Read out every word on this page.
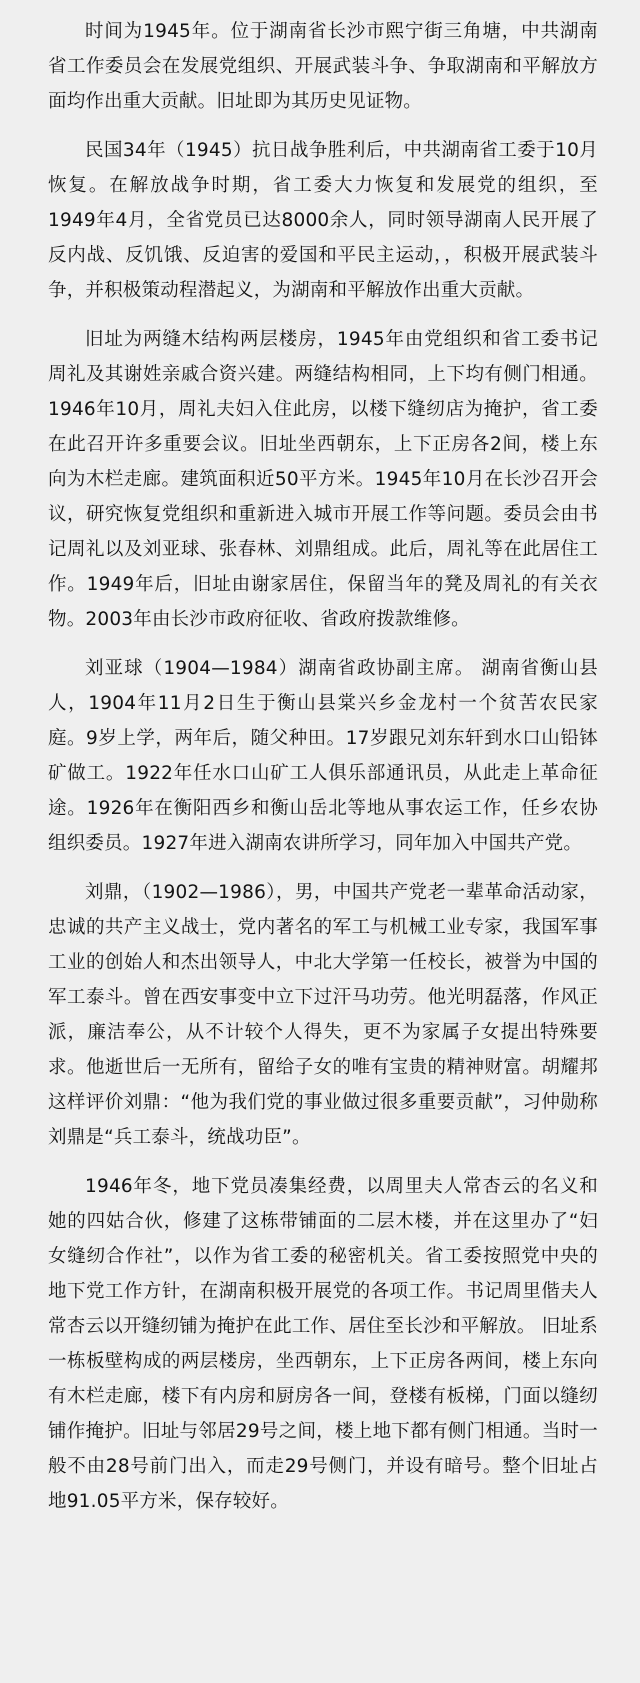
时间为1945年。位于湖南省长沙市熙宁街三角塘，中共湖南省工作委员会在发展党组织、开展武装斗争、争取湖南和平解放方面均作出重大贡献。旧址即为其历史见证物。

民国34年（1945）抗日战争胜利后，中共湖南省工委于10月恢复。在解放战争时期，省工委大力恢复和发展党的组织，至1949年4月，全省党员已达8000余人，同时领导湖南人民开展了反内战、反饥饿、反迫害的爱国和平民主运动，，积极开展武装斗争，并积极策动程潜起义，为湖南和平解放作出重大贡献。

旧址为两缝木结构两层楼房，1945年由党组织和省工委书记周礼及其谢姓亲戚合资兴建。两缝结构相同，上下均有侧门相通。1946年10月，周礼夫妇入住此房，以楼下缝纫店为掩护，省工委在此召开许多重要会议。旧址坐西朝东，上下正房各2间，楼上东向为木栏走廊。建筑面积近50平方米。1945年10月在长沙召开会议，研究恢复党组织和重新进入城市开展工作等问题。委员会由书记周礼以及刘亚球、张春林、刘鼎组成。此后，周礼等在此居住工作。1949年后，旧址由谢家居住，保留当年的凳及周礼的有关衣物。2003年由长沙市政府征收、省政府拨款维修。

刘亚球（1904—1984）湖南省政协副主席。 湖南省衡山县人，1904年11月2日生于衡山县棠兴乡金龙村一个贫苦农民家庭。9岁上学，两年后，随父种田。17岁跟兄刘东轩到水口山铅钵矿做工。1922年任水口山矿工人俱乐部通讯员，从此走上革命征途。1926年在衡阳西乡和衡山岳北等地从事农运工作，任乡农协组织委员。1927年进入湖南农讲所学习，同年加入中国共产党。

刘鼎，（1902—1986），男，中国共产党老一辈革命活动家，忠诚的共产主义战士，党内著名的军工与机械工业专家，我国军事工业的创始人和杰出领导人，中北大学第一任校长，被誉为中国的军工泰斗。曾在西安事变中立下过汗马功劳。他光明磊落，作风正派，廉洁奉公，从不计较个人得失，更不为家属子女提出特殊要求。他逝世后一无所有，留给子女的唯有宝贵的精神财富。胡耀邦这样评价刘鼎：“他为我们党的事业做过很多重要贡献”，习仲勋称刘鼎是“兵工泰斗，统战功臣”。

1946年冬，地下党员凑集经费，以周里夫人常杏云的名义和她的四姑合伙，修建了这栋带铺面的二层木楼，并在这里办了“妇女缝纫合作社”，以作为省工委的秘密机关。省工委按照党中央的地下党工作方针，在湖南积极开展党的各项工作。书记周里偕夫人常杏云以开缝纫铺为掩护在此工作、居住至长沙和平解放。 旧址系一栋板壁构成的两层楼房，坐西朝东，上下正房各两间，楼上东向有木栏走廊，楼下有内房和厨房各一间，登楼有板梯，门面以缝纫铺作掩护。旧址与邻居29号之间，楼上地下都有侧门相通。当时一般不由28号前门出入，而走29号侧门，并设有暗号。整个旧址占地91.05平方米，保存较好。
